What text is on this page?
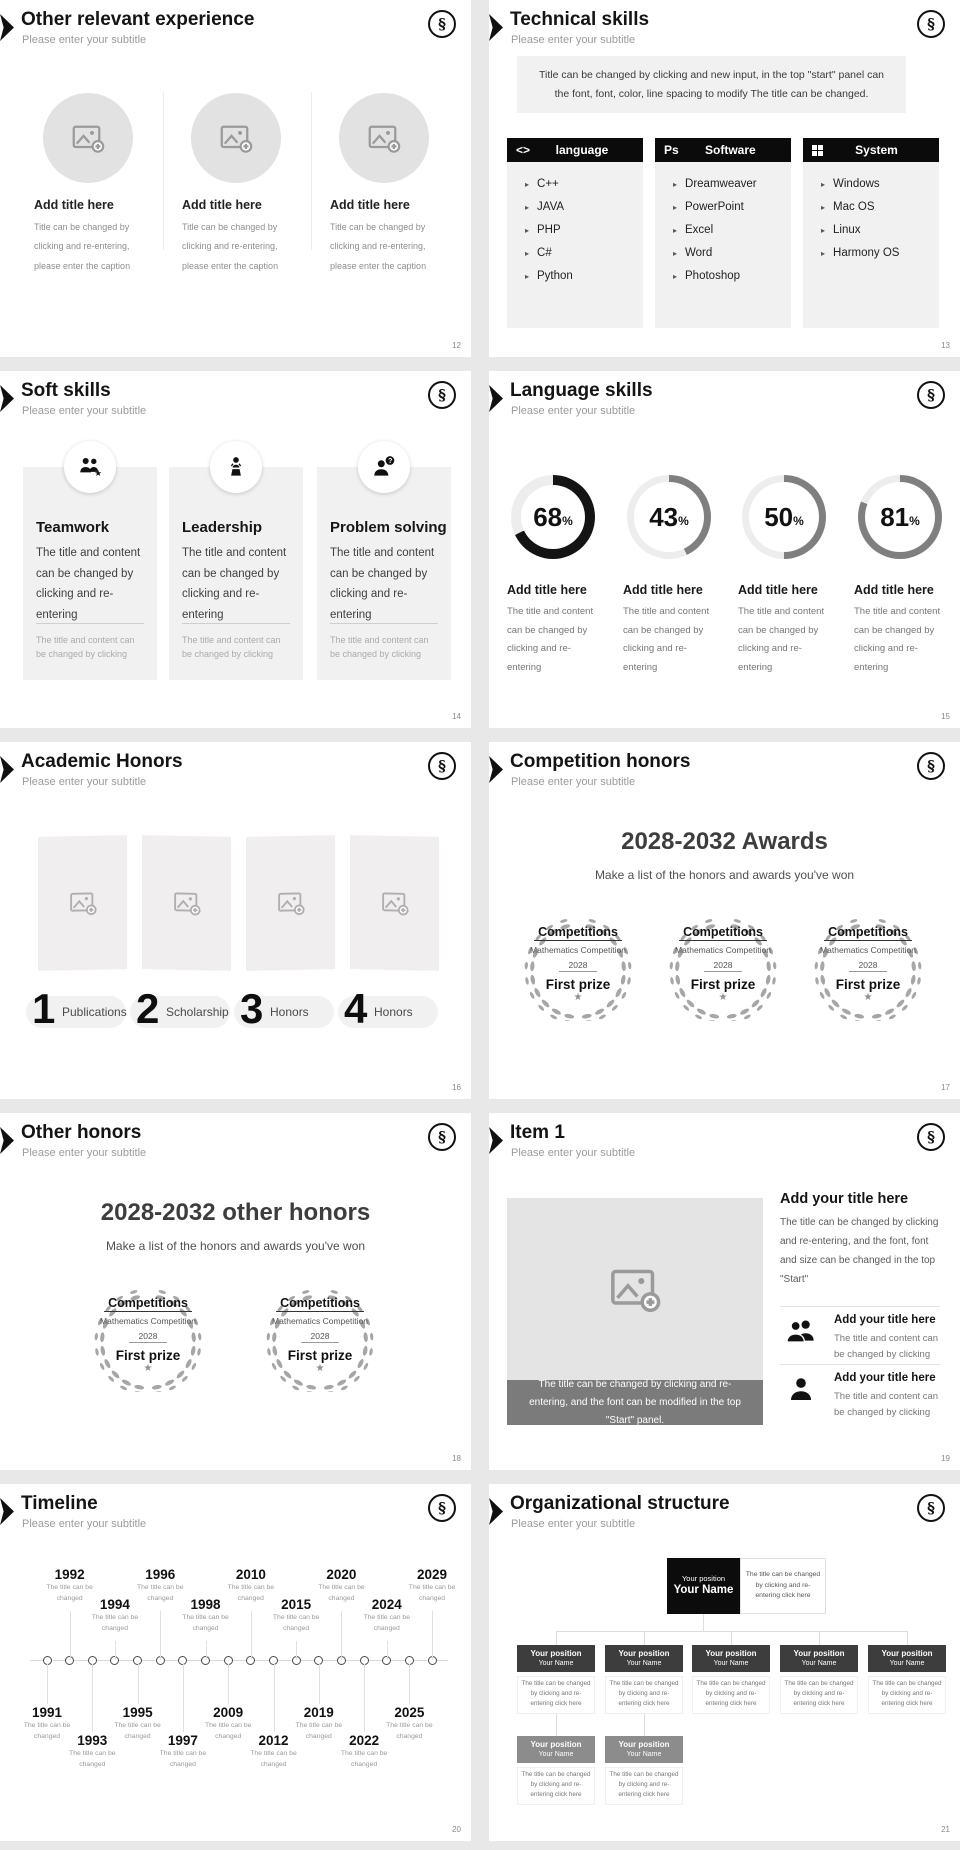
Other relevant experience
Please enter your subtitle
§
12
Add title here
Title can be changed by clicking and re-entering, please enter the caption
Add title here
Title can be changed by clicking and re-entering, please enter the caption
Add title here
Title can be changed by clicking and re-entering, please enter the caption
Technical skills
Please enter your subtitle
§
13
Title can be changed by clicking and new input, in the top "start" panel can the font, font, color, line spacing to modify The title can be changed.
<>	language
▸ C++
▸ JAVA
▸ PHP
▸ C#
▸ Python
Ps	Software
▸ Dreamweaver
▸ PowerPoint
▸ Excel
▸ Word
▸ Photoshop
System
▸ Windows
▸ Mac OS
▸ Linux
▸ Harmony OS
Soft skills
Please enter your subtitle
§
14
★
Teamwork
The title and content can be changed by clicking and re-entering
The title and content can be changed by clicking
Leadership
The title and content can be changed by clicking and re-entering
The title and content can be changed by clicking
?
Problem solving
The title and content can be changed by clicking and re-entering
The title and content can be changed by clicking
Language skills
Please enter your subtitle
§
15
68 %
Add title here
The title and content can be changed by clicking and re-entering
43 %
Add title here
The title and content can be changed by clicking and re-entering
50 %
Add title here
The title and content can be changed by clicking and re-entering
81 %
Add title here
The title and content can be changed by clicking and re-entering
Academic Honors
Please enter your subtitle
§
16
1 Publications 2 Scholarship 3 Honors 4 Honors
Competition honors
Please enter your subtitle
§
17
2028-2032 Awards
Make a list of the honors and awards you've won
Competitions
Mathematics Competition
2028
First prize
★
Competitions
Mathematics Competition
2028
First prize
★
Competitions
Mathematics Competition
2028
First prize
★
Other honors
Please enter your subtitle
§
18
2028-2032 other honors
Make a list of the honors and awards you've won
Competitions
Mathematics Competition
2028
First prize
★
Competitions
Mathematics Competition
2028
First prize
★
Item 1
Please enter your subtitle
§
19
The title can be changed by clicking and re-entering, and the font can be modified in the top "Start" panel.
Add your title here
The title can be changed by clicking and re-entering, and the font, font and size can be changed in the top "Start"
Add your title here
The title and content can be changed by clicking
Add your title here
The title and content can be changed by clicking
Timeline
Please enter your subtitle
§
20
1991
The title can be changed
1992
The title can be changed
1993
The title can be changed
1994
The title can be changed
1995
The title can be changed
1996
The title can be changed
1997
The title can be changed
1998
The title can be changed
2009
The title can be changed
2010
The title can be changed
2012
The title can be changed
2015
The title can be changed
2019
The title can be changed
2020
The title can be changed
2022
The title can be changed
2024
The title can be changed
2025
The title can be changed
2029
The title can be changed
Organizational structure
Please enter your subtitle
§
21
Your position
Your Name
The title can be changed by clicking and re-entering click here
Your position
Your Name
The title can be changed by clicking and re-entering click here
Your position
Your Name
The title can be changed by clicking and re-entering click here
Your position
Your Name
The title can be changed by clicking and re-entering click here
Your position
Your Name
The title can be changed by clicking and re-entering click here
Your position
Your Name
The title can be changed by clicking and re-entering click here
Your position
Your Name
The title can be changed by clicking and re-entering click here
Your position
Your Name
The title can be changed by clicking and re-entering click here
